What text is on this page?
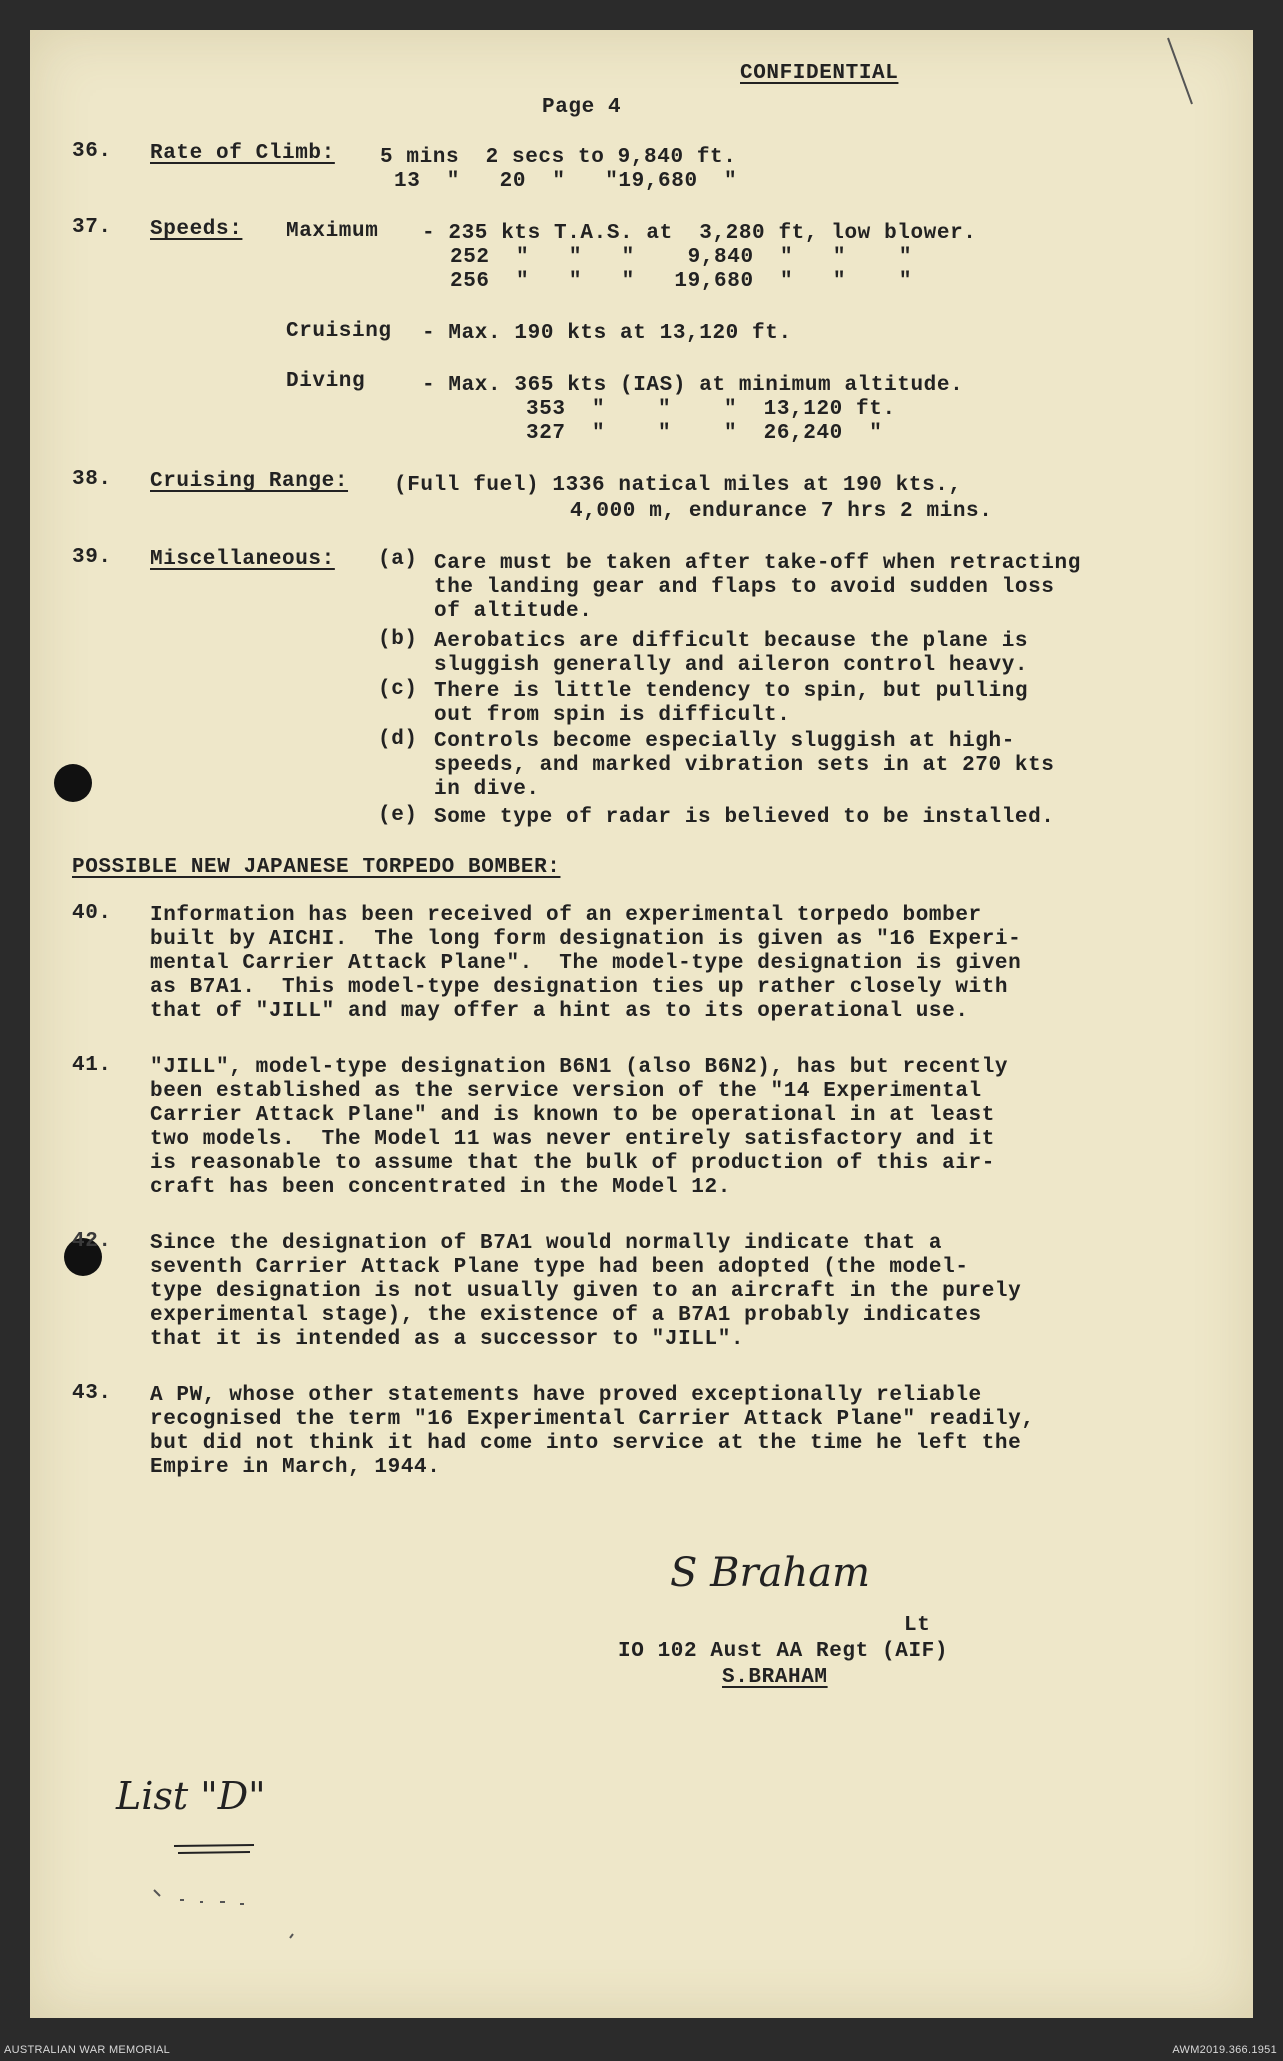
CONFIDENTIAL
Page 4
36. Rate of Climb: 5 mins  2 secs to 9,840 ft.
13  "   20  "   "19,680  "
37. Speeds: Maximum - 235 kts T.A.S. at  3,280 ft, low blower.
252  "   "   "    9,840  "   "    "
256  "   "   "   19,680  "   "    "
Cruising - Max. 190 kts at 13,120 ft.
Diving	- Max. 365 kts (IAS) at minimum altitude.
353  "    "    "  13,120 ft.
327  "    "    "  26,240  "
38. Cruising Range: (Full fuel) 1336 natical miles at 190 kts.,
4,000 m, endurance 7 hrs 2 mins.
39. Miscellaneous: (a) Care must be taken after take-off when retracting
the landing gear and flaps to avoid sudden loss
of altitude.
(b) Aerobatics are difficult because the plane is
sluggish generally and aileron control heavy.
(c) There is little tendency to spin, but pulling
out from spin is difficult.
(d) Controls become especially sluggish at high-
speeds, and marked vibration sets in at 270 kts
in dive.
(e) Some type of radar is believed to be installed.
POSSIBLE NEW JAPANESE TORPEDO BOMBER:
40. Information has been received of an experimental torpedo bomber
built by AICHI.  The long form designation is given as "16 Experi-
mental Carrier Attack Plane".  The model-type designation is given
as B7A1.  This model-type designation ties up rather closely with
that of "JILL" and may offer a hint as to its operational use.
41. "JILL", model-type designation B6N1 (also B6N2), has but recently
been established as the service version of the "14 Experimental
Carrier Attack Plane" and is known to be operational in at least
two models.  The Model 11 was never entirely satisfactory and it
is reasonable to assume that the bulk of production of this air-
craft has been concentrated in the Model 12.
42. Since the designation of B7A1 would normally indicate that a
seventh Carrier Attack Plane type had been adopted (the model-
type designation is not usually given to an aircraft in the purely
experimental stage), the existence of a B7A1 probably indicates
that it is intended as a successor to "JILL".
43. A PW, whose other statements have proved exceptionally reliable
recognised the term "16 Experimental Carrier Attack Plane" readily,
but did not think it had come into service at the time he left the
Empire in March, 1944.
S Braham
Lt
IO 102 Aust AA Regt (AIF)
S.BRAHAM
List "D"
AUSTRALIAN WAR MEMORIAL	AWM2019.366.1951
